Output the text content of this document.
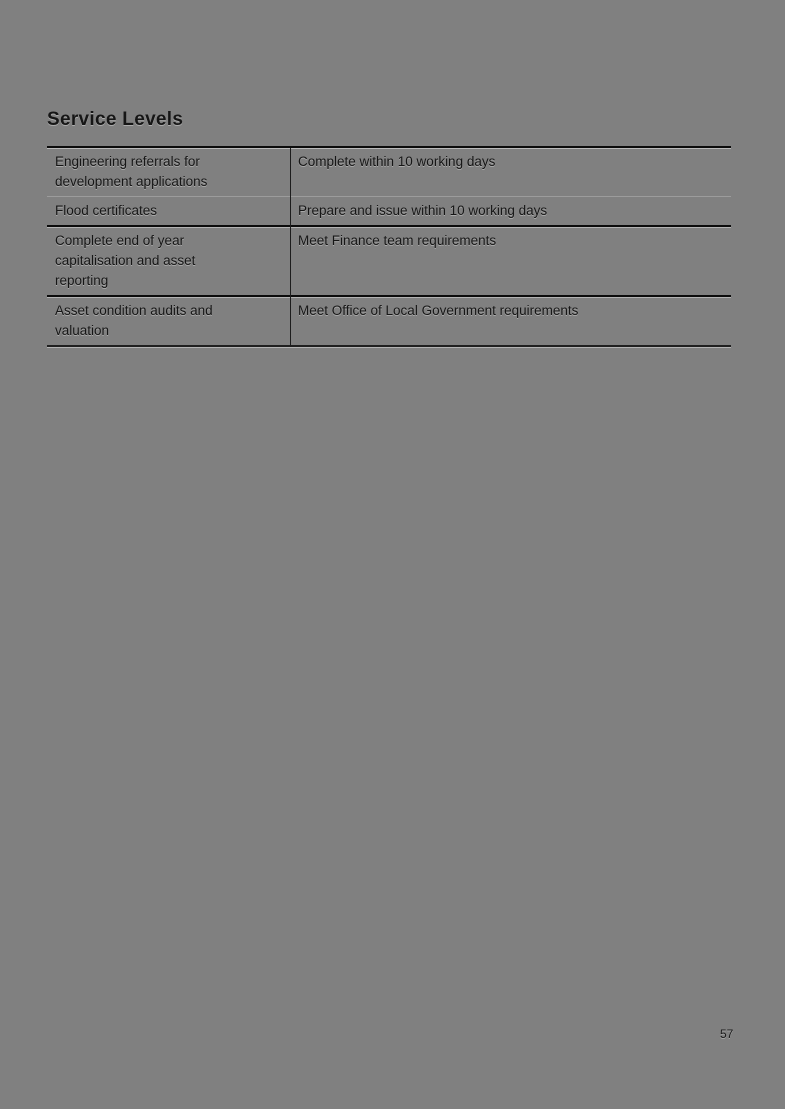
Service Levels
Engineering referrals for development applications
Complete within 10 working days
Flood certificates	Prepare and issue within 10 working days
Complete end of year capitalisation and asset reporting
Meet Finance team requirements
Asset condition audits and valuation
Meet Office of Local Government requirements
57
